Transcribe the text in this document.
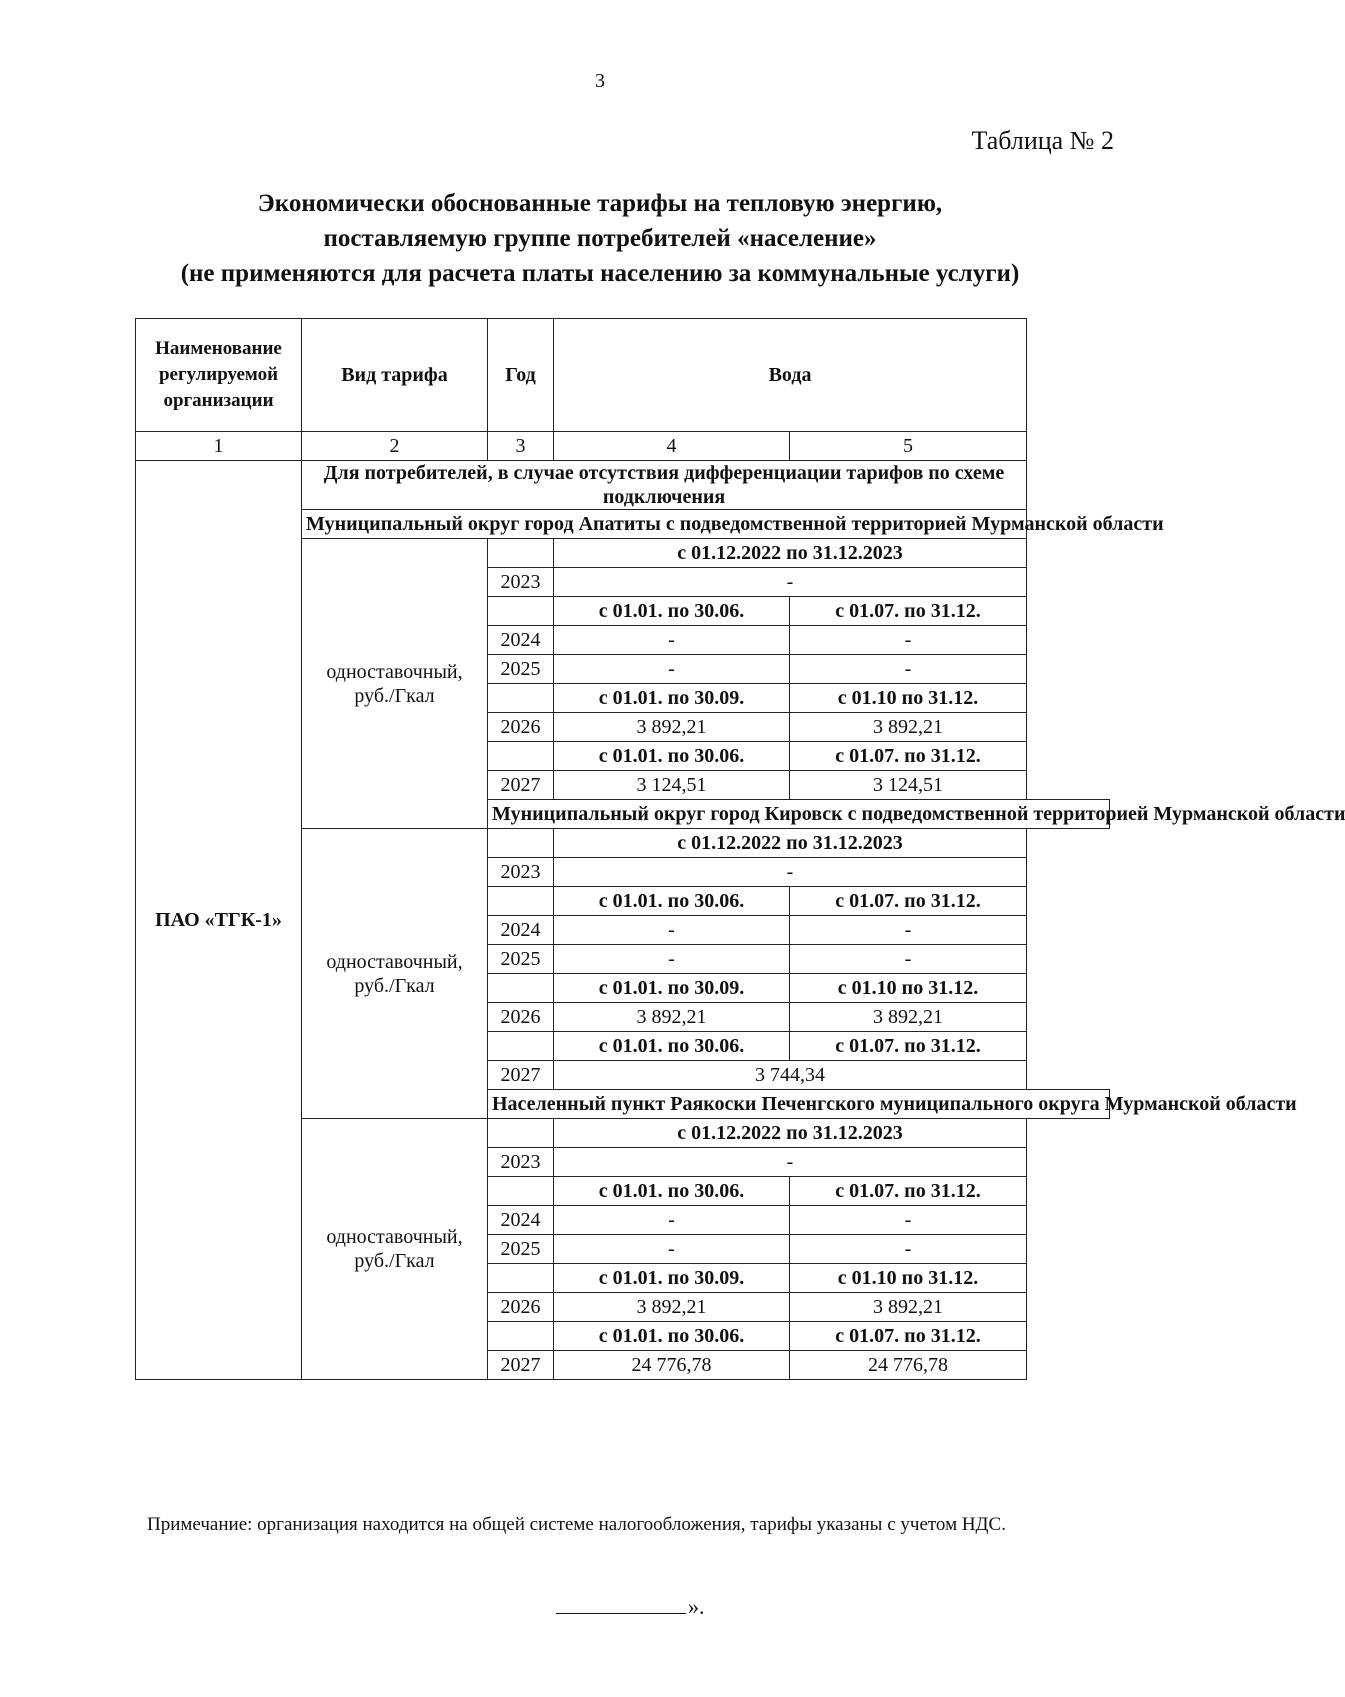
3
Таблица № 2
Экономически обоснованные тарифы на тепловую энергию,
поставляемую группе потребителей «население»
(не применяются для расчета платы населению за коммунальные услуги)
Наименование регулируемой организации	Вид тарифа	Год	Вода	
1	2	3	4	5
ПАО «ТГК-1»	Для потребителей, в случае отсутствия дифференциации тарифов по схеме подключения			
	Муниципальный округ город Апатиты с подведомственной территорией Мурманской области			
	одноставочный, руб./Гкал		с 01.12.2022 по 31.12.2023	
		2023	-	
			с 01.01. по 30.06.	с 01.07. по 31.12.
		2024	-	-
		2025	-	-
			с 01.01. по 30.09.	с 01.10 по 31.12.
		2026	3 892,21	3 892,21
			с 01.01. по 30.06.	с 01.07. по 31.12.
		2027	3 124,51	3 124,51
		Муниципальный округ город Кировск с подведомственной территорией Мурманской области		
	одноставочный, руб./Гкал		с 01.12.2022 по 31.12.2023	
		2023	-	
			с 01.01. по 30.06.	с 01.07. по 31.12.
		2024	-	-
		2025	-	-
			с 01.01. по 30.09.	с 01.10 по 31.12.
		2026	3 892,21	3 892,21
			с 01.01. по 30.06.	с 01.07. по 31.12.
		2027	3 744,34	
		Населенный пункт Раякоски Печенгского муниципального округа Мурманской области		
	одноставочный, руб./Гкал		с 01.12.2022 по 31.12.2023	
		2023	-	
			с 01.01. по 30.06.	с 01.07. по 31.12.
		2024	-	-
		2025	-	-
			с 01.01. по 30.09.	с 01.10 по 31.12.
		2026	3 892,21	3 892,21
			с 01.01. по 30.06.	с 01.07. по 31.12.
		2027	24 776,78	24 776,78

Примечание: организация находится на общей системе налогообложения, тарифы указаны с учетом НДС.

».
